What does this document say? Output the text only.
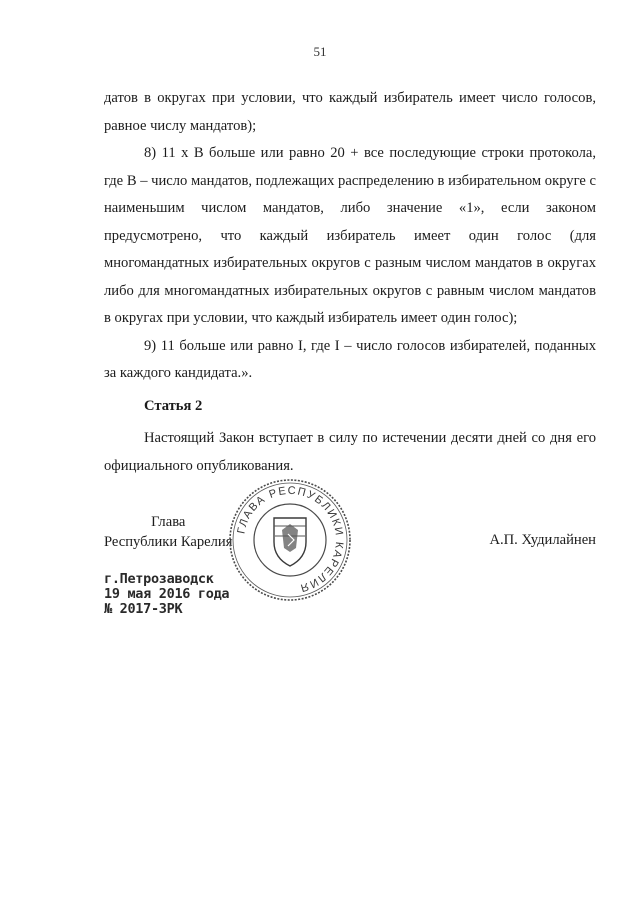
51

датов в округах при условии, что каждый избиратель имеет число голосов, равное числу мандатов);

8) 11 х В больше или равно 20 + все последующие строки протокола, где В – число мандатов, подлежащих распределению в избирательном округе с наименьшим числом мандатов, либо значение «1», если законом предусмотрено, что каждый избиратель имеет один голос (для многомандатных избирательных округов с разным числом мандатов в округах либо для многомандатных избирательных округов с равным числом мандатов в округах при условии, что каждый избиратель имеет один голос);

9) 11 больше или равно I, где I – число голосов избирателей, поданных за каждого кандидата.».

Статья 2

Настоящий Закон вступает в силу по истечении десяти дней со дня его официального опубликования.

Глава
Республики Карелия
ГЛАВА РЕСПУБЛИКИ КАРЕЛИЯ
А.П. Худилайнен
г.Петрозаводск
19 мая 2016 года
№ 2017-ЗРК
